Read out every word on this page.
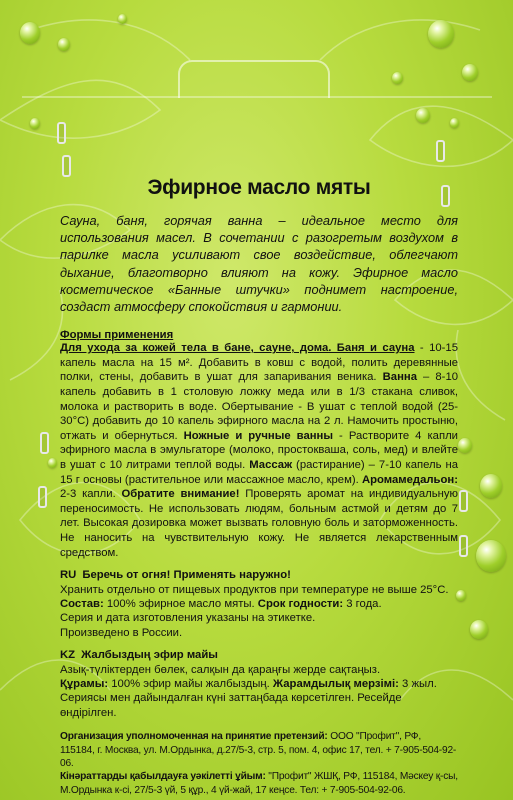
Эфирное масло мяты

Сауна, баня, горячая ванна – идеальное место для использования масел. В сочетании с разогретым воздухом в парилке масла усиливают свое воздействие, облегчают дыхание, благотворно влияют на кожу. Эфирное масло косметическое «Банные штучки» поднимет настроение, создаст атмосферу спокойствия и гармонии.

Формы применения

Для ухода за кожей тела в бане, сауне, дома. Баня и сауна - 10-15 капель масла на 15 м². Добавить в ковш с водой, полить деревянные полки, стены, добавить в ушат для запаривания веника. Ванна – 8-10 капель добавить в 1 столовую ложку меда или в 1/3 стакана сливок, молока и растворить в воде. Обертывание - В ушат с теплой водой (25-30°C) добавить до 10 капель эфирного масла на 2 л. Намочить простыню, отжать и обернуться. Ножные и ручные ванны - Растворите 4 капли эфирного масла в эмульгаторе (молоко, простокваша, соль, мед) и влейте в ушат с 10 литрами теплой воды. Массаж (растирание) – 7-10 капель на 15 г основы (растительное или массажное масло, крем). Аромамедальон: 2-3 капли. Обратите внимание! Проверять аромат на индивидуальную переносимость. Не использовать людям, больным астмой и детям до 7 лет. Высокая дозировка может вызвать головную боль и заторможенность. Не наносить на чувствительную кожу. Не является лекарственным средством.

RU Беречь от огня! Применять наружно!
Хранить отдельно от пищевых продуктов при температуре не выше 25°С.
Состав: 100% эфирное масло мяты. Срок годности: 3 года.
Серия и дата изготовления указаны на этикетке.
Произведено в России.
KZ Жалбыздың эфир майы
Азық-түліктерден бөлек, салқын да қараңғы жерде сақтаңыз.
Құрамы: 100% эфир майы жалбыздың. Жарамдылық мерзімі: 3 жыл.
Сериясы мен дайындалған күні заттаңбада көрсетілген. Ресейде өндірілген.
Организация уполномоченная на принятие претензий: ООО "Профит", РФ, 115184, г. Москва, ул. М.Ордынка, д.27/5-3, стр. 5, пом. 4, офис 17, тел. + 7-905-504-92-06.
Кінәраттарды қабылдауға уәкілетті ұйым: "Профит" ЖШҚ, РФ, 115184, Мәскеу қ-сы, М.Ордынка к-сі, 27/5-3 үй, 5 құр., 4 үй-жай, 17 кеңсе. Тел: + 7-905-504-92-06.
